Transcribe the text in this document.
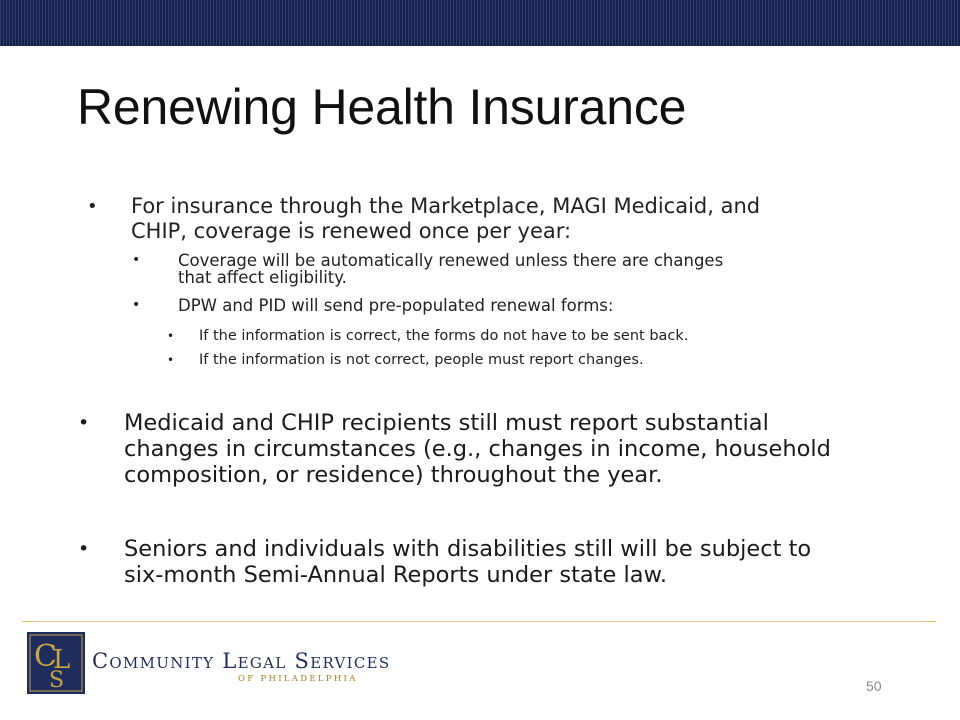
Renewing Health Insurance
• For insurance through the Marketplace, MAGI Medicaid, and
CHIP, coverage is renewed once per year:
• Coverage will be automatically renewed unless there are changes
that affect eligibility.
• DPW and PID will send pre-populated renewal forms:
• If the information is correct, the forms do not have to be sent back.
• If the information is not correct, people must report changes.
• Medicaid and CHIP recipients still must report substantial
changes in circumstances (e.g., changes in income, household
composition, or residence) throughout the year.
• Seniors and individuals with disabilities still will be subject to
six-month Semi-Annual Reports under state law.
C
L
S
Community Legal Services
OF PHILADELPHIA	50
